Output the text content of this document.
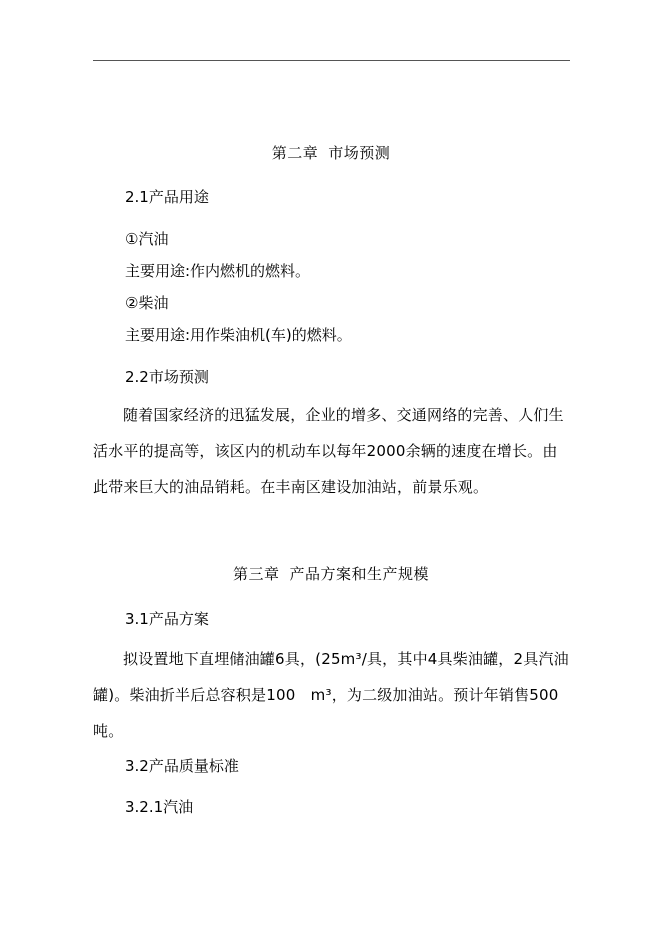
第二章 市场预测
2.1产品用途
①汽油
主要用途:作内燃机的燃料。
②柴油
主要用途:用作柴油机(车)的燃料。
2.2市场预测
随着国家经济的迅猛发展，企业的增多、交通网络的完善、人们生活水平的提高等，该区内的机动车以每年2000余辆的速度在增长。由此带来巨大的油品销耗。在丰南区建设加油站，前景乐观。
第三章 产品方案和生产规模
3.1产品方案
拟设置地下直埋储油罐6具，(25m³/具，其中4具柴油罐，2具汽油罐)。柴油折半后总容积是100　m³，为二级加油站。预计年销售500吨。
3.2产品质量标准
3.2.1汽油
